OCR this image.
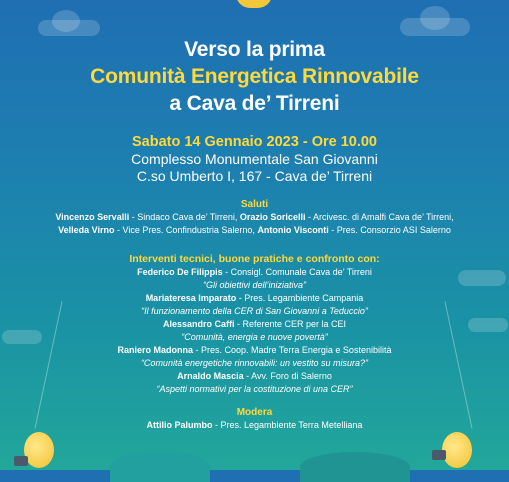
Verso la prima
Comunità Energetica Rinnovabile
a Cava de’ Tirreni
Sabato 14 Gennaio 2023 - Ore 10.00
Complesso Monumentale San Giovanni
C.so Umberto I, 167 - Cava de’ Tirreni
Saluti
Vincenzo Servalli - Sindaco Cava de’ Tirreni, Orazio Soricelli - Arcivesc. di Amalfi Cava de’ Tirreni,
Velleda Virno - Vice Pres. Confindustria Salerno, Antonio Visconti - Pres. Consorzio ASI Salerno
Interventi tecnici, buone pratiche e confronto con:
Federico De Filippis - Consigl. Comunale Cava de’ Tirreni
“Gli obiettivi dell’iniziativa”
Mariateresa Imparato - Pres. Legambiente Campania
“Il funzionamento della CER di San Giovanni a Teduccio”
Alessandro Caffi - Referente CER per la CEI
“Comunità, energia e nuove povertà”
Raniero Madonna - Pres. Coop. Madre Terra Energia e Sostenibilità
“Comunità energetiche rinnovabili: un vestito su misura?”
Arnaldo Mascia - Avv. Foro di Salerno
“Aspetti normativi per la costituzione di una CER”
Modera
Attilio Palumbo - Pres. Legambiente Terra Metelliana
